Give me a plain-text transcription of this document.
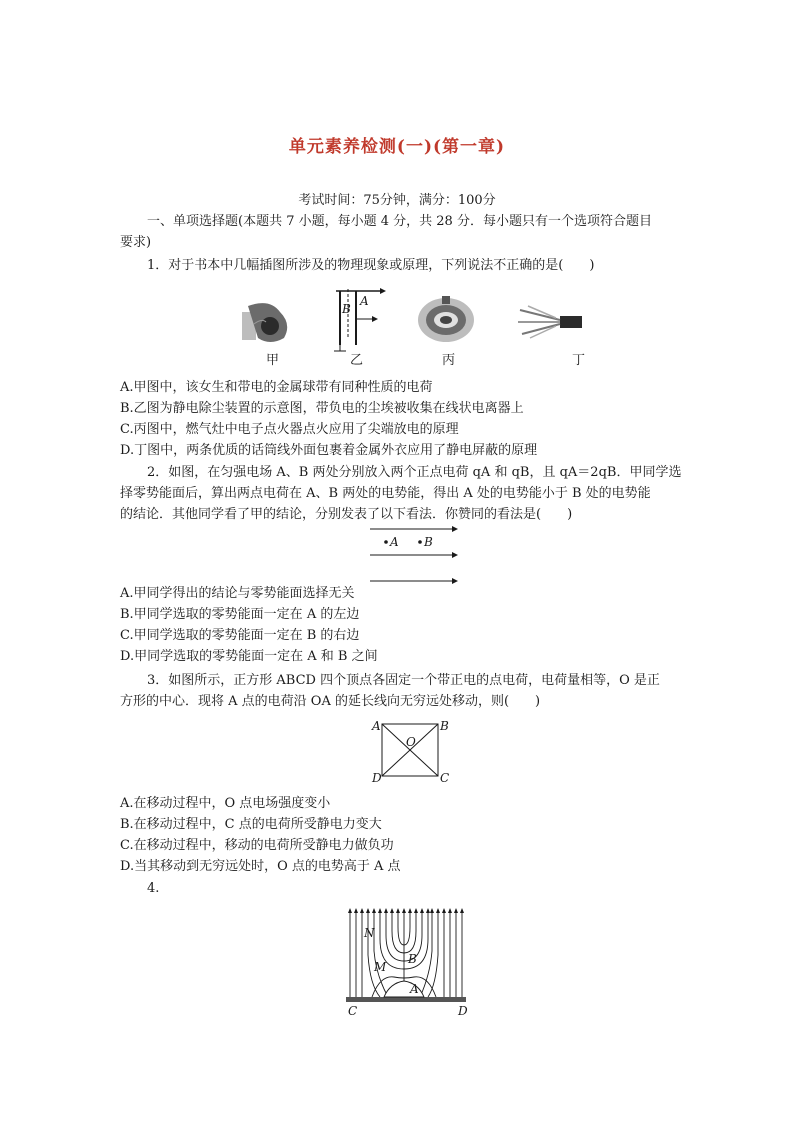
单元素养检测(一)(第一章)
考试时间：75分钟，满分：100分
一、单项选择题(本题共 7 小题，每小题 4 分，共 28 分．每小题只有一个选项符合题目
要求)
1．对于书本中几幅插图所涉及的物理现象或原理，下列说法不正确的是(　　)
A
B
甲	乙	丙	丁
A.甲图中，该女生和带电的金属球带有同种性质的电荷
B.乙图为静电除尘装置的示意图，带负电的尘埃被收集在线状电离器上
C.丙图中，燃气灶中电子点火器点火应用了尖端放电的原理
D.丁图中，两条优质的话筒线外面包裹着金属外衣应用了静电屏蔽的原理
2．如图，在匀强电场 A、B 两处分别放入两个正点电荷 qA 和 qB，且 qA＝2qB．甲同学选
择零势能面后，算出两点电荷在 A、B 两处的电势能，得出 A 处的电势能小于 B 处的电势能
的结论．其他同学看了甲的结论，分别发表了以下看法．你赞同的看法是(　　)
A B
A.甲同学得出的结论与零势能面选择无关
B.甲同学选取的零势能面一定在 A 的左边
C.甲同学选取的零势能面一定在 B 的右边
D.甲同学选取的零势能面一定在 A 和 B 之间
3．如图所示，正方形 ABCD 四个顶点各固定一个带正电的点电荷，电荷量相等，O 是正
方形的中心．现将 A 点的电荷沿 OA 的延长线向无穷远处移动，则(　　)
A	B
C
D
O
A.在移动过程中，O 点电场强度变小
B.在移动过程中，C 点的电荷所受静电力变大
C.在移动过程中，移动的电荷所受静电力做负功
D.当其移动到无穷远处时，O 点的电势高于 A 点
4.
N
M
B
A
C	D
